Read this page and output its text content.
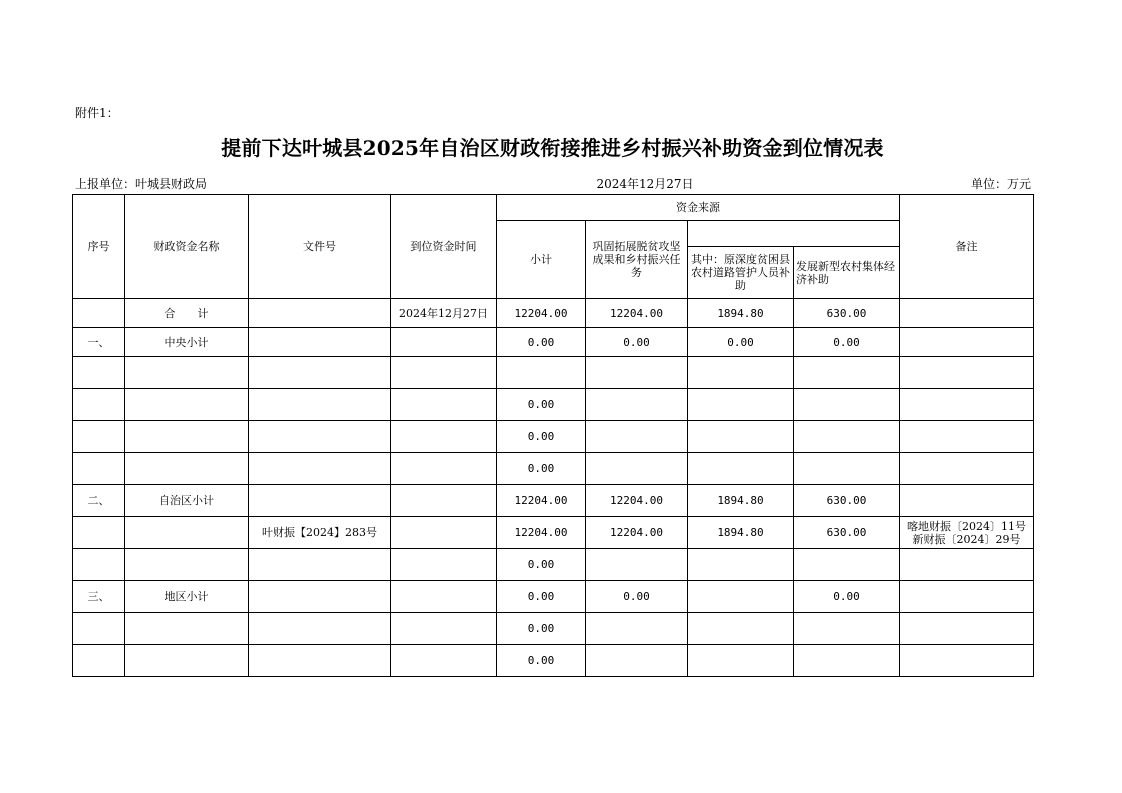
附件1：
提前下达叶城县2025年自治区财政衔接推进乡村振兴补助资金到位情况表
上报单位：叶城县财政局	2024年12月27日	单位：万元
序号	财政资金名称	文件号	到位资金时间	资金来源				备注
				小计	巩固拓展脱贫攻坚成果和乡村振兴任务			
						其中：原深度贫困县农村道路管护人员补助	发展新型农村集体经济补助	
	合　　计		2024年12月27日	12204.00	12204.00	1894.80	630.00	

一、	中央小计			0.00	0.00	0.00	0.00	

				0.00				

				0.00				

				0.00				

二、	自治区小计			12204.00	12204.00	1894.80	630.00	

		叶财振【2024】283号		12204.00	12204.00	1894.80	630.00	喀地财振〔2024〕11号
新财振〔2024〕29号

				0.00				

三、	地区小计			0.00	0.00		0.00	

				0.00				

				0.00				
